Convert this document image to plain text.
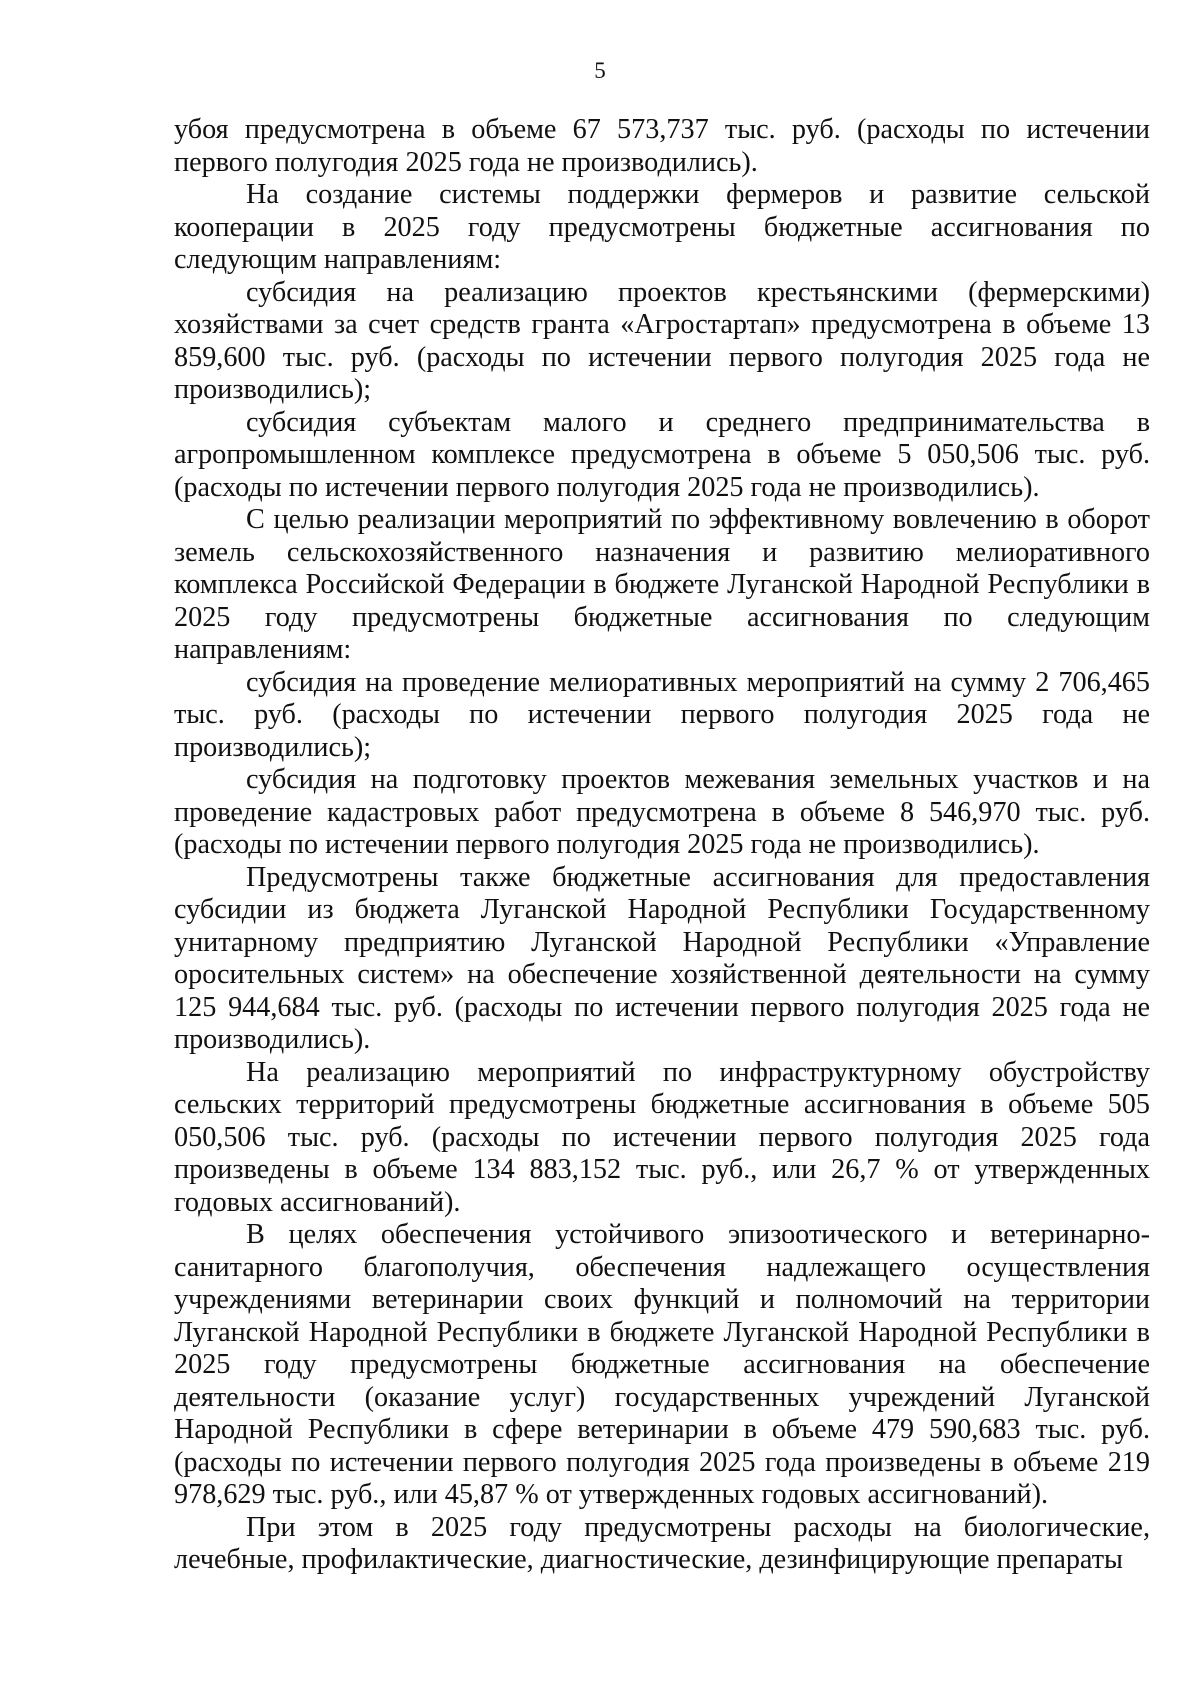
5

убоя предусмотрена в объеме 67 573,737 тыс. руб. (расходы по истечении первого полугодия 2025 года не производились).

На создание системы поддержки фермеров и развитие сельской кооперации в 2025 году предусмотрены бюджетные ассигнования по следующим направлениям:

субсидия на реализацию проектов крестьянскими (фермерскими) хозяйствами за счет средств гранта «Агростартап» предусмотрена в объеме 13 859,600 тыс. руб. (расходы по истечении первого полугодия 2025 года не производились);

субсидия субъектам малого и среднего предпринимательства в агропромышленном комплексе предусмотрена в объеме 5 050,506 тыс. руб. (расходы по истечении первого полугодия 2025 года не производились).

С целью реализации мероприятий по эффективному вовлечению в оборот земель сельскохозяйственного назначения и развитию мелиоративного комплекса Российской Федерации в бюджете Луганской Народной Республики в 2025 году предусмотрены бюджетные ассигнования по следующим направлениям:

субсидия на проведение мелиоративных мероприятий на сумму 2 706,465 тыс. руб. (расходы по истечении первого полугодия 2025 года не производились);

субсидия на подготовку проектов межевания земельных участков и на проведение кадастровых работ предусмотрена в объеме 8 546,970 тыс. руб. (расходы по истечении первого полугодия 2025 года не производились).

Предусмотрены также бюджетные ассигнования для предоставления субсидии из бюджета Луганской Народной Республики Государственному унитарному предприятию Луганской Народной Республики «Управление оросительных систем» на обеспечение хозяйственной деятельности на сумму 125 944,684 тыс. руб. (расходы по истечении первого полугодия 2025 года не производились).

На реализацию мероприятий по инфраструктурному обустройству сельских территорий предусмотрены бюджетные ассигнования в объеме 505 050,506 тыс. руб. (расходы по истечении первого полугодия 2025 года произведены в объеме 134 883,152 тыс. руб., или 26,7 % от утвержденных годовых ассигнований).

В целях обеспечения устойчивого эпизоотического и ветеринарно-санитарного благополучия, обеспечения надлежащего осуществления учреждениями ветеринарии своих функций и полномочий на территории Луганской Народной Республики в бюджете Луганской Народной Республики в 2025 году предусмотрены бюджетные ассигнования на обеспечение деятельности (оказание услуг) государственных учреждений Луганской Народной Республики в сфере ветеринарии в объеме 479 590,683 тыс. руб. (расходы по истечении первого полугодия 2025 года произведены в объеме 219 978,629 тыс. руб., или 45,87 % от утвержденных годовых ассигнований).

При этом в 2025 году предусмотрены расходы на биологические, лечебные, профилактические, диагностические, дезинфицирующие препараты
